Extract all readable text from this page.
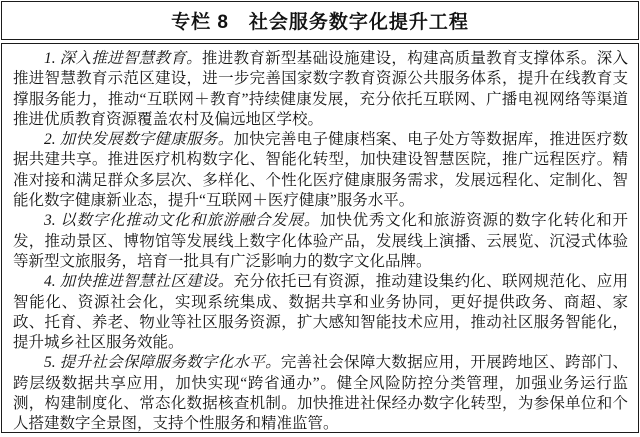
专栏 8　社会服务数字化提升工程

1. 深入推进智慧教育。推进教育新型基础设施建设，构建高质量教育支撑体系。深入推进智慧教育示范区建设，进一步完善国家数字教育资源公共服务体系，提升在线教育支撑服务能力，推动“互联网＋教育”持续健康发展，充分依托互联网、广播电视网络等渠道推进优质教育资源覆盖农村及偏远地区学校。

2. 加快发展数字健康服务。加快完善电子健康档案、电子处方等数据库，推进医疗数据共建共享。推进医疗机构数字化、智能化转型，加快建设智慧医院，推广远程医疗。精准对接和满足群众多层次、多样化、个性化医疗健康服务需求，发展远程化、定制化、智能化数字健康新业态，提升“互联网＋医疗健康”服务水平。

3. 以数字化推动文化和旅游融合发展。加快优秀文化和旅游资源的数字化转化和开发，推动景区、博物馆等发展线上数字化体验产品，发展线上演播、云展览、沉浸式体验等新型文旅服务，培育一批具有广泛影响力的数字文化品牌。

4. 加快推进智慧社区建设。充分依托已有资源，推动建设集约化、联网规范化、应用智能化、资源社会化，实现系统集成、数据共享和业务协同，更好提供政务、商超、家政、托育、养老、物业等社区服务资源，扩大感知智能技术应用，推动社区服务智能化，提升城乡社区服务效能。

5. 提升社会保障服务数字化水平。完善社会保障大数据应用，开展跨地区、跨部门、跨层级数据共享应用，加快实现“跨省通办”。健全风险防控分类管理，加强业务运行监测，构建制度化、常态化数据核查机制。加快推进社保经办数字化转型，为参保单位和个人搭建数字全景图，支持个性服务和精准监管。
